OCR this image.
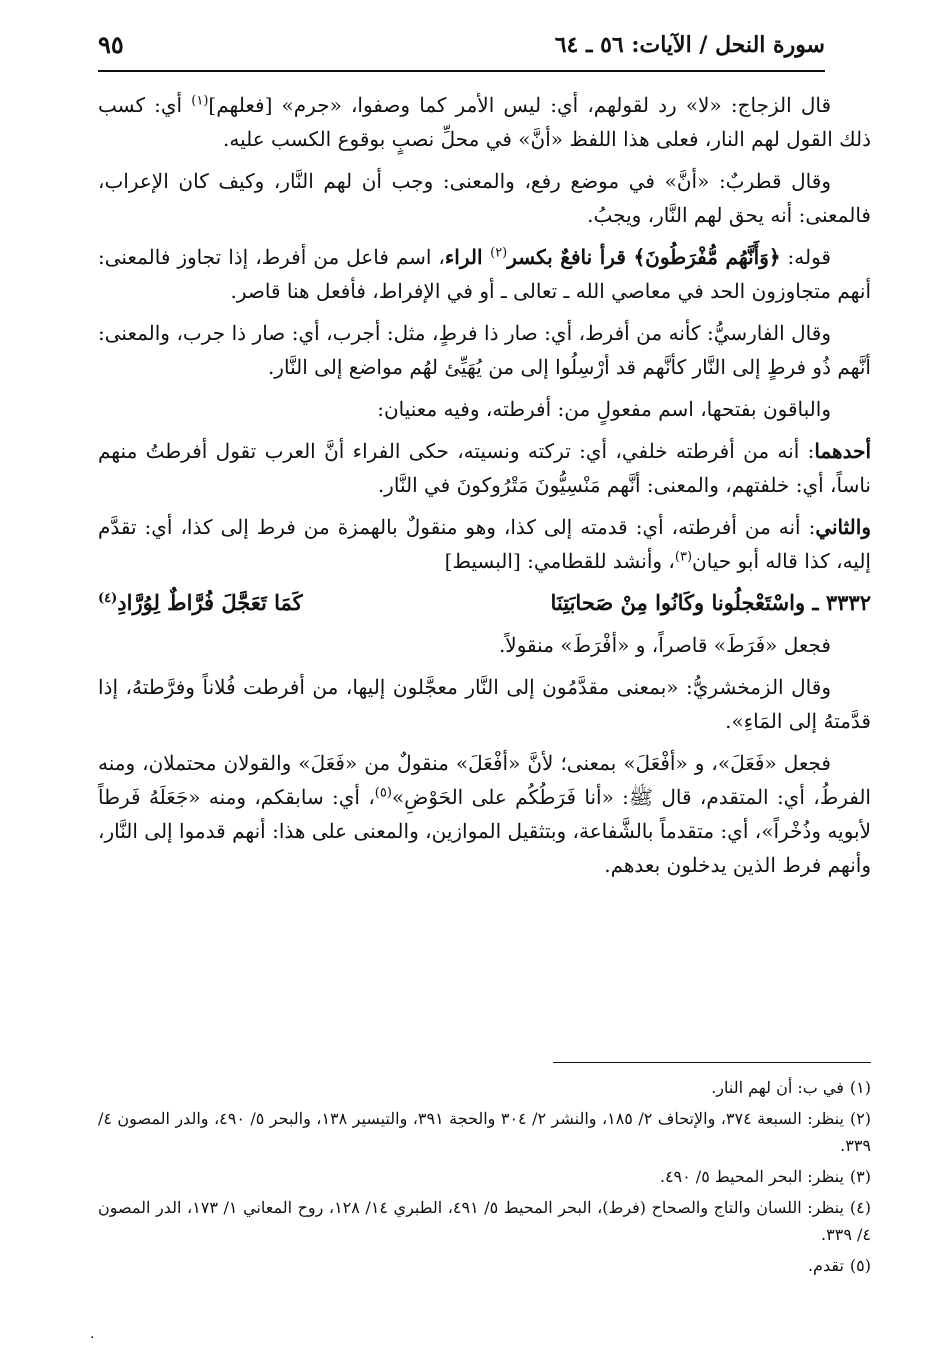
سورة النحل / الآيات: ٥٦ ـ ٦٤
٩٥

قال الزجاج: «لا» رد لقولهم، أي: ليس الأمر كما وصفوا، «جرم» [فعلهم]$^{(١)}$ أي: كسب ذلك القول لهم النار، فعلى هذا اللفظ «أنَّ» في محلِّ نصبٍ بوقوع الكسب عليه.

وقال قطربٌ: «أنَّ» في موضع رفع، والمعنى: وجب أن لهم النَّار، وكيف كان الإعراب، فالمعنى: أنه يحق لهم النَّار، ويجبُ.

قوله: ﴿وَأَنَّهُم مُّفْرَطُونَ﴾ قرأ نافعٌ بكسر$^{(٢)}$ الراء، اسم فاعل من أفرط، إذا تجاوز فالمعنى: أنهم متجاوزون الحد في معاصي الله ـ تعالى ـ أو في الإفراط، فأفعل هنا قاصر.

وقال الفارسيُّ: كأنه من أفرط، أي: صار ذا فرطٍ، مثل: أجرب، أي: صار ذا جرب، والمعنى: أنَّهم ذُو فرطٍ إلى النَّار كأنَّهم قد أرْسِلُوا إلى من يُهَيِّئ لهُم مواضع إلى النَّار.

والباقون بفتحها، اسم مفعولٍ من: أفرطته، وفيه معنيان:

أحدهما: أنه من أفرطته خلفي، أي: تركته ونسيته، حكى الفراء أنَّ العرب تقول أفرطتُ منهم ناساً، أي: خلفتهم، والمعنى: أنَّهم مَنْسِيُّونَ مَتْرُوكونَ في النَّار.

والثاني: أنه من أفرطته، أي: قدمته إلى كذا، وهو منقولٌ بالهمزة من فرط إلى كذا، أي: تقدَّم إليه، كذا قاله أبو حيان$^{(٣)}$، وأنشد للقطامي: [البسيط]

٣٣٣٢ ـ واسْتَعْجلُونا وكَانُوا مِنْ صَحابَتِنَا
كَمَا تَعَجَّلَ فُرَّاطٌ لِوُرَّادِ$^{(٤)}$

فجعل «فَرَطَ» قاصراً، و «أفْرَطَ» منقولاً.

وقال الزمخشريُّ: «بمعنى مقدَّمُون إلى النَّار معجَّلون إليها، من أفرطت فُلاناً وفرَّطتهُ، إذا قدَّمتهُ إلى المَاءِ».

فجعل «فَعَلَ»، و «أفْعَلَ» بمعنى؛ لأنَّ «أفْعَلَ» منقولٌ من «فَعَلَ» والقولان محتملان، ومنه الفرطُ، أي: المتقدم، قال ﷺ: «أنا فَرَطُكُم على الحَوْضِ»$^{(٥)}$، أي: سابقكم، ومنه «جَعَلَهُ فَرطاً لأبويه وذُخْراً»، أي: متقدماً بالشَّفاعة، وبتثقيل الموازين، والمعنى على هذا: أنهم قدموا إلى النَّار، وأنهم فرط الذين يدخلون بعدهم.

(١)في ب: أن لهم النار.

(٢)ينظر: السبعة ٣٧٤، والإتحاف ٢/ ١٨٥، والنشر ٢/ ٣٠٤ والحجة ٣٩١، والتيسير ١٣٨، والبحر ٥/ ٤٩٠، والدر المصون ٤/ ٣٣٩.

(٣)ينظر: البحر المحيط ٥/ ٤٩٠.

(٤)ينظر: اللسان والتاج والصحاح (فرط)، البحر المحيط ٥/ ٤٩١، الطبري ١٤/ ١٢٨، روح المعاني ١/ ١٧٣، الدر المصون ٤/ ٣٣٩.

(٥)تقدم.

·
